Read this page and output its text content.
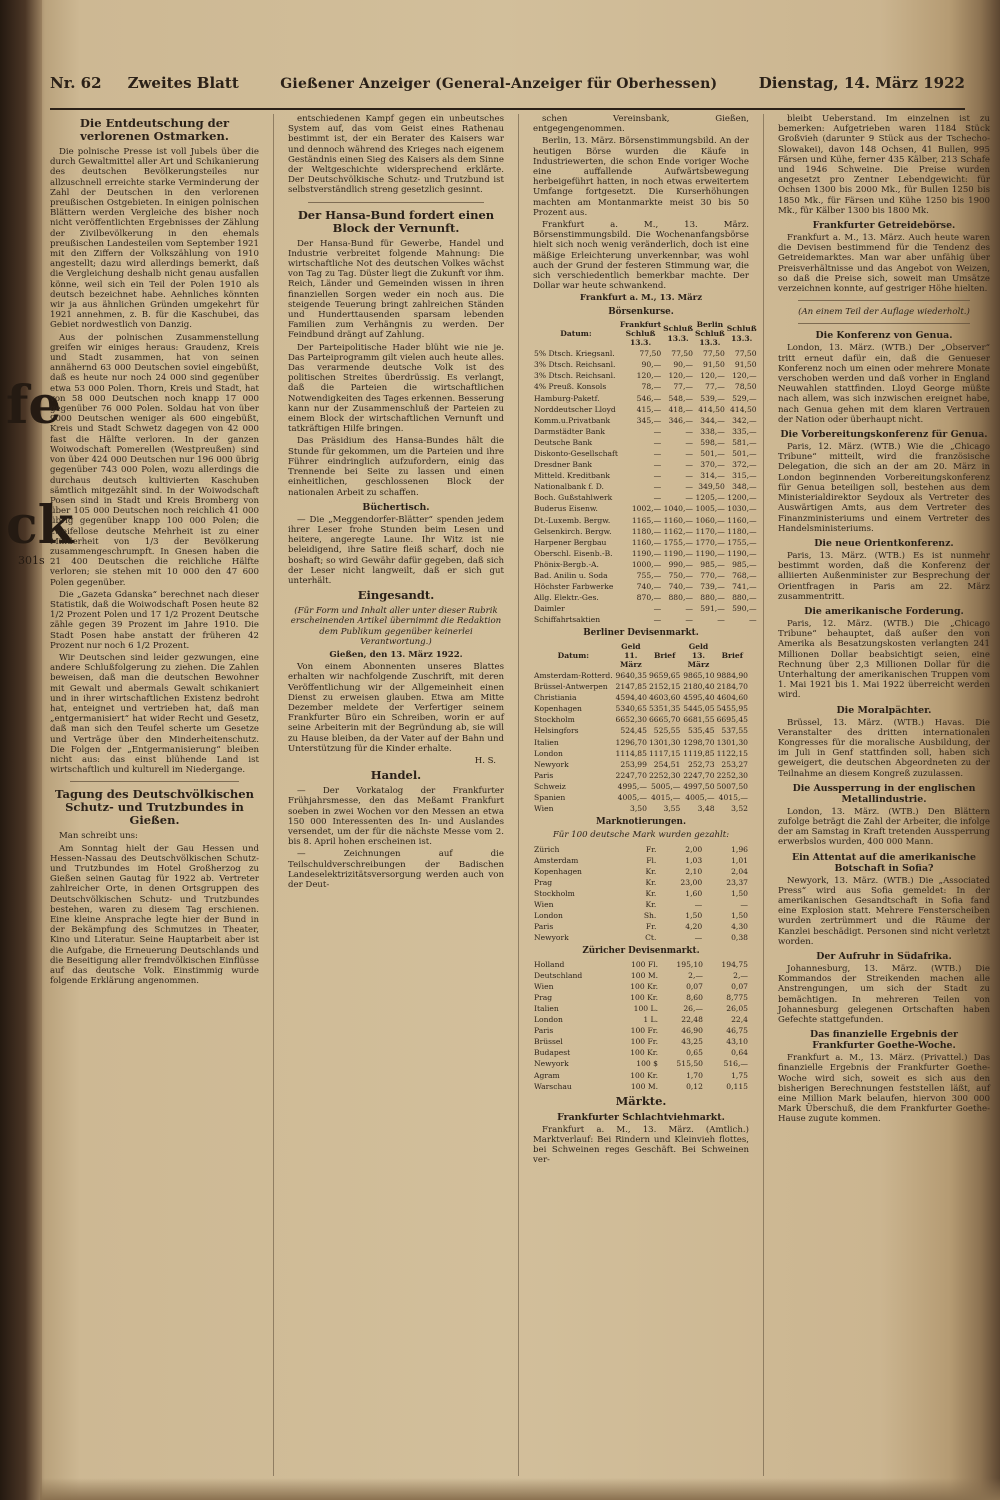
fe
ck
301s
Nr. 62 Zweites Blatt	Gießener Anzeiger (General-Anzeiger für Oberhessen)	Dienstag, 14. März 1922
Die Entdeutschung der verlorenen Ostmarken.

Die polnische Presse ist voll Jubels über die durch Gewaltmittel aller Art und Schikanierung des deutschen Bevölkerungsteiles nur allzuschnell erreichte starke Verminderung der Zahl der Deutschen in den verlorenen preußischen Ostgebieten. In einigen polnischen Blättern werden Vergleiche des bisher noch nicht veröffentlichten Ergebnisses der Zählung der Zivilbevölkerung in den ehemals preußischen Landesteilen vom September 1921 mit den Ziffern der Volkszählung von 1910 angestellt; dazu wird allerdings bemerkt, daß die Vergleichung deshalb nicht genau ausfallen könne, weil sich ein Teil der Polen 1910 als deutsch bezeichnet habe. Aehnliches könnten wir ja aus ähnlichen Gründen umgekehrt für 1921 annehmen, z. B. für die Kaschubei, das Gebiet nordwestlich von Danzig.

Aus der polnischen Zusammenstellung greifen wir einiges heraus: Graudenz, Kreis und Stadt zusammen, hat von seinen annähernd 63 000 Deutschen soviel eingebüßt, daß es heute nur noch 24 000 sind gegenüber etwa 53 000 Polen. Thorn, Kreis und Stadt, hat von 58 000 Deutschen noch knapp 17 000 gegenüber 76 000 Polen. Soldau hat von über 9000 Deutschen weniger als 600 eingebüßt, Kreis und Stadt Schwetz dagegen von 42 000 fast die Hälfte verloren. In der ganzen Woiwodschaft Pomerellen (Westpreußen) sind von über 424 000 Deutschen nur 196 000 übrig gegenüber 743 000 Polen, wozu allerdings die durchaus deutsch kultivierten Kaschuben sämtlich mitgezählt sind. In der Woiwodschaft Posen sind in Stadt und Kreis Bromberg von über 105 000 Deutschen noch reichlich 41 000 übrig gegenüber knapp 100 000 Polen; die zweifellose deutsche Mehrheit ist zu einer Minderheit von 1/3 der Bevölkerung zusammengeschrumpft. In Gnesen haben die 21 400 Deutschen die reichliche Hälfte verloren; sie stehen mit 10 000 den 47 600 Polen gegenüber.

Die „Gazeta Gdanska“ berechnet nach dieser Statistik, daß die Woiwodschaft Posen heute 82 1/2 Prozent Polen und 17 1/2 Prozent Deutsche zähle gegen 39 Prozent im Jahre 1910. Die Stadt Posen habe anstatt der früheren 42 Prozent nur noch 6 1/2 Prozent.

Wir Deutschen sind leider gezwungen, eine andere Schlußfolgerung zu ziehen. Die Zahlen beweisen, daß man die deutschen Bewohner mit Gewalt und abermals Gewalt schikaniert und in ihrer wirtschaftlichen Existenz bedroht hat, enteignet und vertrieben hat, daß man „entgermanisiert“ hat wider Recht und Gesetz, daß man sich den Teufel scherte um Gesetze und Verträge über den Minderheitenschutz. Die Folgen der „Entgermanisierung“ bleiben nicht aus: das einst blühende Land ist wirtschaftlich und kulturell im Niedergange.

Tagung des Deutschvölkischen Schutz- und Trutzbundes in Gießen.

Man schreibt uns:

Am Sonntag hielt der Gau Hessen und Hessen-Nassau des Deutschvölkischen Schutz- und Trutzbundes im Hotel Großherzog zu Gießen seinen Gautag für 1922 ab. Vertreter zahlreicher Orte, in denen Ortsgruppen des Deutschvölkischen Schutz- und Trutzbundes bestehen, waren zu diesem Tag erschienen. Eine kleine Ansprache legte hier der Bund in der Bekämpfung des Schmutzes in Theater, Kino und Literatur. Seine Hauptarbeit aber ist die Aufgabe, die Erneuerung Deutschlands und die Beseitigung aller fremdvölkischen Einflüsse auf das deutsche Volk. Einstimmig wurde folgende Erklärung angenommen.

entschiedenen Kampf gegen ein unbeutsches System auf, das vom Geist eines Rathenau bestimmt ist, der ein Berater des Kaisers war und dennoch während des Krieges nach eigenem Geständnis einen Sieg des Kaisers als dem Sinne der Weltgeschichte widersprechend erklärte. Der Deutschvölkische Schutz- und Trutzbund ist selbstverständlich streng gesetzlich gesinnt.

Der Hansa-Bund fordert einen Block der Vernunft.

Der Hansa-Bund für Gewerbe, Handel und Industrie verbreitet folgende Mahnung: Die wirtschaftliche Not des deutschen Volkes wächst von Tag zu Tag. Düster liegt die Zukunft vor ihm. Reich, Länder und Gemeinden wissen in ihren finanziellen Sorgen weder ein noch aus. Die steigende Teuerung bringt zahlreichen Ständen und Hunderttausenden sparsam lebenden Familien zum Verhängnis zu werden. Der Feindbund drängt auf Zahlung.

Der Parteipolitische Hader blüht wie nie je. Das Parteiprogramm gilt vielen auch heute alles. Das verarmende deutsche Volk ist des politischen Streites überdrüssig. Es verlangt, daß die Parteien die wirtschaftlichen Notwendigkeiten des Tages erkennen. Besserung kann nur der Zusammenschluß der Parteien zu einem Block der wirtschaftlichen Vernunft und tatkräftigen Hilfe bringen.

Das Präsidium des Hansa-Bundes hält die Stunde für gekommen, um die Parteien und ihre Führer eindringlich aufzufordern, einig das Trennende bei Seite zu lassen und einen einheitlichen, geschlossenen Block der nationalen Arbeit zu schaffen.

Büchertisch.

— Die „Meggendorfer-Blätter“ spenden jedem ihrer Leser frohe Stunden beim Lesen und heitere, angeregte Laune. Ihr Witz ist nie beleidigend, ihre Satire fleiß scharf, doch nie boshaft; so wird Gewähr dafür gegeben, daß sich der Leser nicht langweilt, daß er sich gut unterhält.

Eingesandt.
(Für Form und Inhalt aller unter dieser Rubrik erscheinenden Artikel übernimmt die Redaktion dem Publikum gegenüber keinerlei Verantwortung.)
Gießen, den 13. März 1922.

Von einem Abonnenten unseres Blattes erhalten wir nachfolgende Zuschrift, mit deren Veröffentlichung wir der Allgemeinheit einen Dienst zu erweisen glauben. Etwa am Mitte Dezember meldete der Verfertiger seinem Frankfurter Büro ein Schreiben, worin er auf seine Arbeiterin mit der Begründung ab, sie will zu Hause bleiben, da der Vater auf der Bahn und Unterstützung für die Kinder erhalte.

H. S.
Handel.

— Der Vorkatalog der Frankfurter Frühjahrsmesse, den das Meßamt Frankfurt soeben in zwei Wochen vor den Messen an etwa 150 000 Interessenten des In- und Auslandes versendet, um der für die nächste Messe vom 2. bis 8. April hohen erscheinen ist.

— Zeichnungen auf die Teilschuldverschreibungen der Badischen Landeselektrizitätsversorgung werden auch von der Deut-

schen Vereinsbank, Gießen, entgegengenommen.

Berlin, 13. März. Börsenstimmungsbild. An der heutigen Börse wurden die Käufe in Industriewerten, die schon Ende voriger Woche eine auffallende Aufwärtsbewegung herbeigeführt hatten, in noch etwas erweitertem Umfange fortgesetzt. Die Kurserhöhungen machten am Montanmarkte meist 30 bis 50 Prozent aus.

Frankfurt a. M., 13. März. Börsenstimmungsbild. Die Wochenanfangsbörse hielt sich noch wenig veränderlich, doch ist eine mäßige Erleichterung unverkennbar, was wohl auch der Grund der festeren Stimmung war, die sich verschiedentlich bemerkbar machte. Der Dollar war heute schwankend.

Frankfurt a. M., 13. März
Börsenkurse.
Datum:	Frankfurt Schluß 13.3.	Schluß 13.3.	Berlin Schluß 13.3.	Schluß 13.3.
5% Dtsch. Kriegsanl.	77,50	77,50	77,50	77,50
3% Dtsch. Reichsanl.	90,—	90,—	91,50	91,50
3% Dtsch. Reichsanl.	120,—	120,—	120,—	120,—
4% Preuß. Konsols	78,—	77,—	77,—	78,50
Hamburg-Paketf.	546,—	548,—	539,—	529,—
Norddeutscher Lloyd	415,—	418,—	414,50	414,50
Komm.u.Privatbank	345,—	346,—	344,—	342,—
Darmstädter Bank	—	—	338,—	335,—
Deutsche Bank	—	—	598,—	581,—
Diskonto-Gesellschaft	—	—	501,—	501,—
Dresdner Bank	—	—	370,—	372,—
Mitteld. Kreditbank	—	—	314,—	315,—
Nationalbank f. D.	—	—	349,50	348,—
Boch. Gußstahlwerk	—	—	1205,—	1200,—
Buderus Eisenw.	1002,—	1040,—	1005,—	1030,—
Dt.-Luxemb. Bergw.	1165,—	1160,—	1060,—	1160,—
Gelsenkirch. Bergw.	1180,—	1162,—	1170,—	1180,—
Harpener Bergbau	1160,—	1755,—	1770,—	1755,—
Oberschl. Eisenb.-B.	1190,—	1190,—	1190,—	1190,—
Phönix-Bergb.-A.	1000,—	990,—	985,—	985,—
Bad. Anilin u. Soda	755,—	750,—	770,—	768,—
Höchster Farbwerke	740,—	740,—	739,—	741,—
Allg. Elektr.-Ges.	870,—	880,—	880,—	880,—
Daimler	—	—	591,—	590,—
Schiffahrtsaktien	—	—	—	—
Berliner Devisenmarkt.
Datum:	Geld 11. März	Brief	Geld 13. März	Brief
Amsterdam-Rotterd.	9640,35	9659,65	9865,10	9884,90
Brüssel-Antwerpen	2147,85	2152,15	2180,40	2184,70
Christiania	4594,40	4603,60	4595,40	4604,60
Kopenhagen	5340,65	5351,35	5445,05	5455,95
Stockholm	6652,30	6665,70	6681,55	6695,45
Helsingfors	524,45	525,55	535,45	537,55
Italien	1296,70	1301,30	1298,70	1301,30
London	1114,85	1117,15	1119,85	1122,15
Newyork	253,99	254,51	252,73	253,27
Paris	2247,70	2252,30	2247,70	2252,30
Schweiz	4995,—	5005,—	4997,50	5007,50
Spanien	4005,—	4015,—	4005,—	4015,—
Wien	3,50	3,55	3,48	3,52
Marknotierungen.
Für 100 deutsche Mark wurden gezahlt:
Zürich	Fr.	2,00	1,96
Amsterdam	Fl.	1,03	1,01
Kopenhagen	Kr.	2,10	2,04
Prag	Kr.	23,00	23,37
Stockholm	Kr.	1,60	1,50
Wien	Kr.	—	—
London	Sh.	1,50	1,50
Paris	Fr.	4,20	4,30
Newyork	Ct.	—	0,38
Züricher Devisenmarkt.
Holland	100 Fl.	195,10	194,75
Deutschland	100 M.	2,—	2,—
Wien	100 Kr.	0,07	0,07
Prag	100 Kr.	8,60	8,775
Italien	100 L.	26,—	26,05
London	1 L.	22,48	22,4
Paris	100 Fr.	46,90	46,75
Brüssel	100 Fr.	43,25	43,10
Budapest	100 Kr.	0,65	0,64
Newyork	100 $	515,50	516,—
Agram	100 Kr.	1,70	1,75
Warschau	100 M.	0,12	0,115
Märkte.
Frankfurter Schlachtviehmarkt.

Frankfurt a. M., 13. März. (Amtlich.) Marktverlauf: Bei Rindern und Kleinvieh flottes, bei Schweinen reges Geschäft. Bei Schweinen ver-

bleibt Ueberstand. Im einzelnen ist zu bemerken: Aufgetrieben waren 1184 Stück Großvieh (darunter 9 Stück aus der Tschecho-Slowakei), davon 148 Ochsen, 41 Bullen, 995 Färsen und Kühe, ferner 435 Kälber, 213 Schafe und 1946 Schweine. Die Preise wurden angesetzt pro Zentner Lebendgewicht: für Ochsen 1300 bis 2000 Mk., für Bullen 1250 bis 1850 Mk., für Färsen und Kühe 1250 bis 1900 Mk., für Kälber 1300 bis 1800 Mk.

Frankfurter Getreidebörse.

Frankfurt a. M., 13. März. Auch heute waren die Devisen bestimmend für die Tendenz des Getreidemarktes. Man war aber unfähig über Preisverhältnisse und das Angebot von Weizen, so daß die Preise sich, soweit man Umsätze verzeichnen konnte, auf gestriger Höhe hielten.

(An einem Teil der Auflage wiederholt.)
Die Konferenz von Genua.

London, 13. März. (WTB.) Der „Observer“ tritt erneut dafür ein, daß die Genueser Konferenz noch um einen oder mehrere Monate verschoben werden und daß vorher in England Neuwahlen stattfinden. Lloyd George müßte nach allem, was sich inzwischen ereignet habe, nach Genua gehen mit dem klaren Vertrauen der Nation oder überhaupt nicht.

Die Vorbereitungskonferenz für Genua.

Paris, 12. März. (WTB.) Wie die „Chicago Tribune“ mitteilt, wird die französische Delegation, die sich an der am 20. März in London beginnenden Vorbereitungskonferenz für Genua beteiligen soll, bestehen aus dem Ministerialdirektor Seydoux als Vertreter des Auswärtigen Amts, aus dem Vertreter des Finanzministeriums und einem Vertreter des Handelsministeriums.

Die neue Orientkonferenz.

Paris, 13. März. (WTB.) Es ist nunmehr bestimmt worden, daß die Konferenz der alliierten Außenminister zur Besprechung der Orientfragen in Paris am 22. März zusammentritt.

Die amerikanische Forderung.

Paris, 12. März. (WTB.) Die „Chicago Tribune“ behauptet, daß außer den von Amerika als Besatzungskosten verlangten 241 Millionen Dollar beabsichtigt seien, eine Rechnung über 2,3 Millionen Dollar für die Unterhaltung der amerikanischen Truppen vom 1. Mai 1921 bis 1. Mai 1922 überreicht werden wird.

Die Moralpächter.

Brüssel, 13. März. (WTB.) Havas. Die Veranstalter des dritten internationalen Kongresses für die moralische Ausbildung, der im Juli in Genf stattfinden soll, haben sich geweigert, die deutschen Abgeordneten zu der Teilnahme an diesem Kongreß zuzulassen.

Die Aussperrung in der englischen Metallindustrie.

London, 13. März. (WTB.) Den Blättern zufolge beträgt die Zahl der Arbeiter, die infolge der am Samstag in Kraft tretenden Aussperrung erwerbslos wurden, 400 000 Mann.

Ein Attentat auf die amerikanische Botschaft in Sofia?

Newyork, 13. März. (WTB.) Die „Associated Press“ wird aus Sofia gemeldet: In der amerikanischen Gesandtschaft in Sofia fand eine Explosion statt. Mehrere Fensterscheiben wurden zertrümmert und die Räume der Kanzlei beschädigt. Personen sind nicht verletzt worden.

Der Aufruhr in Südafrika.

Johannesburg, 13. März. (WTB.) Die Kommandos der Streikenden machen alle Anstrengungen, um sich der Stadt zu bemächtigen. In mehreren Teilen von Johannesburg gelegenen Ortschaften haben Gefechte stattgefunden.

Das finanzielle Ergebnis der Frankfurter Goethe-Woche.

Frankfurt a. M., 13. März. (Privattel.) Das finanzielle Ergebnis der Frankfurter Goethe-Woche wird sich, soweit es sich aus den bisherigen Berechnungen feststellen läßt, auf eine Million Mark belaufen, hiervon 300 000 Mark Überschuß, die dem Frankfurter Goethe-Hause zugute kommen.
